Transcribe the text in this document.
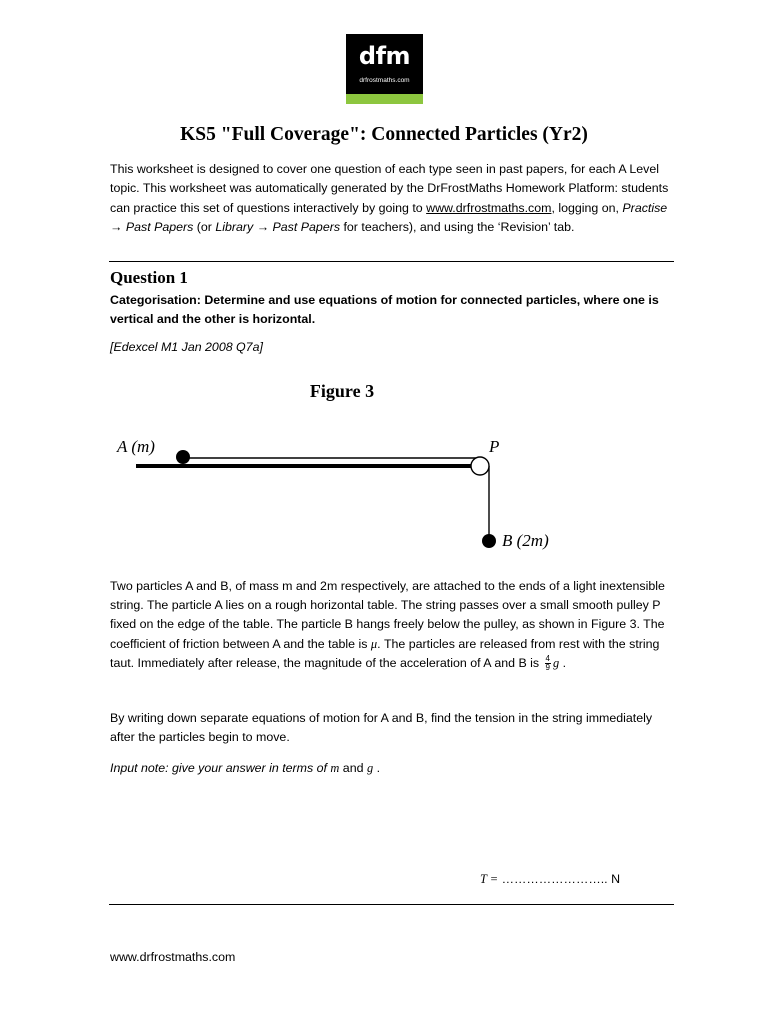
dfm
drfrostmaths.com
KS5 "Full Coverage": Connected Particles (Yr2)
This worksheet is designed to cover one question of each type seen in past papers, for each A Level topic. This worksheet was automatically generated by the DrFrostMaths Homework Platform: students can practice this set of questions interactively by going to www.drfrostmaths.com, logging on, Practise → Past Papers (or Library → Past Papers for teachers), and using the ‘Revision’ tab.
Question 1
Categorisation: Determine and use equations of motion for connected particles, where one is vertical and the other is horizontal.
[Edexcel M1 Jan 2008 Q7a]
Figure 3
A (m)	P
B (2m)
Two particles A and B, of mass m and 2m respectively, are attached to the ends of a light inextensible string. The particle A lies on a rough horizontal table. The string passes over a small smooth pulley P fixed on the edge of the table. The particle B hangs freely below the pulley, as shown in Figure 3. The coefficient of friction between A and the table is μ. The particles are released from rest with the string taut. Immediately after release, the magnitude of the acceleration of A and B is $\frac{4}{9}$ g .
By writing down separate equations of motion for A and B, find the tension in the string immediately after the particles begin to move.
Input note: give your answer in terms of m and g .
T = …………………….. N
www.drfrostmaths.com
